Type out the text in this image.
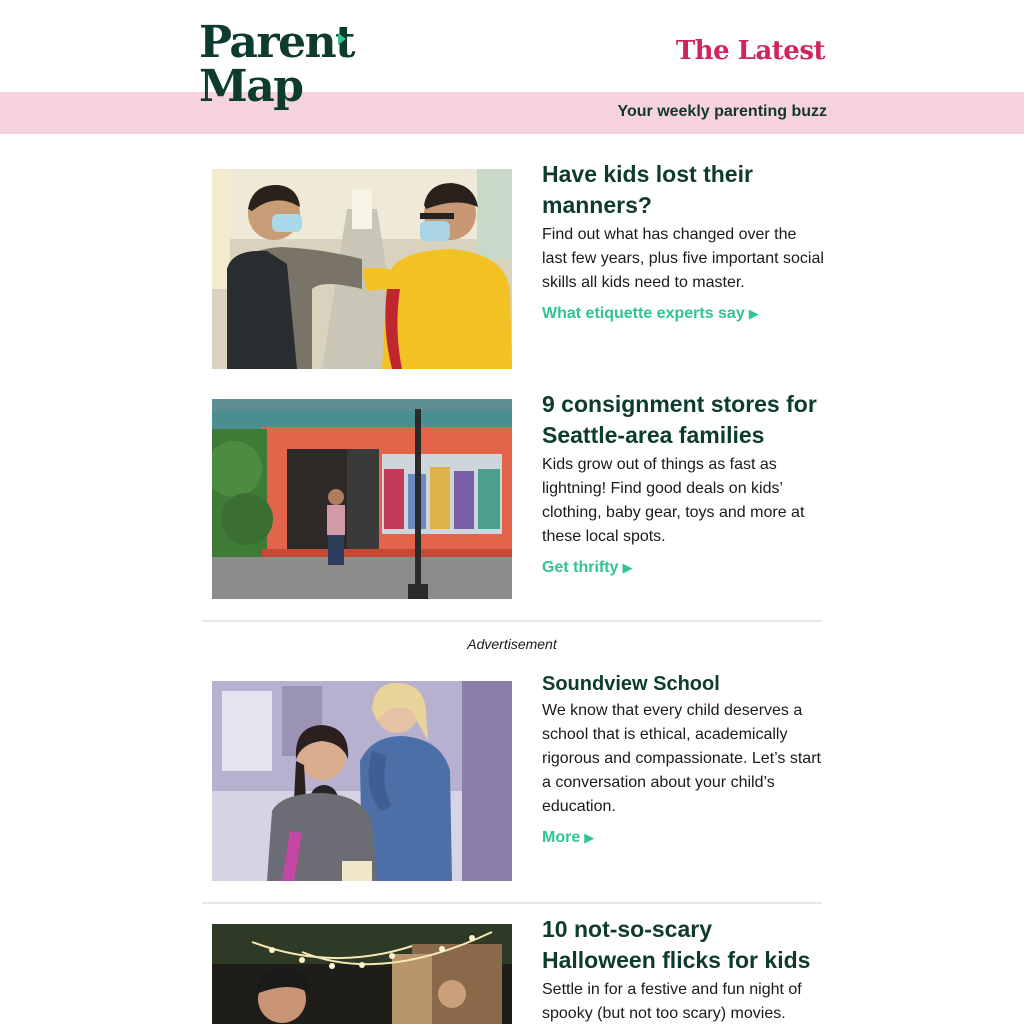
The Latest
Parent
Map	Your weekly parenting buzz
Have kids lost their manners?
Find out what has changed over the last few years, plus five important social skills all kids need to master.
What etiquette experts say ▶
9 consignment stores for Seattle-area families
Kids grow out of things as fast as lightning! Find good deals on kids’ clothing, baby gear, toys and more at these local spots.
Get thrifty ▶
Advertisement
Soundview School
We know that every child deserves a school that is ethical, academically rigorous and compassionate. Let’s start a conversation about your child’s education.
More ▶
10 not-so-scary Halloween flicks for kids
Settle in for a festive and fun night of spooky (but not too scary) movies.
